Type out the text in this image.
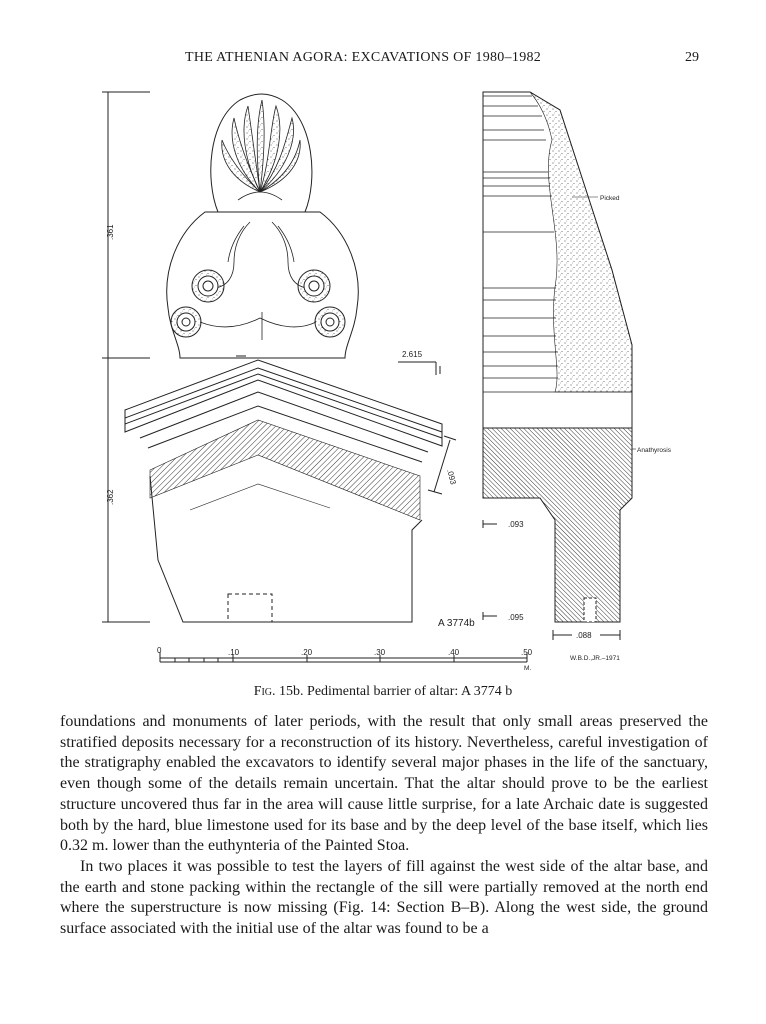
THE ATHENIAN AGORA: EXCAVATIONS OF 1980–1982	29
.361
.362
2.615
.093
A 3774b
Picked
Anathyrosis
.093
.095
.088
0	.10	.20	.30	.40	.50
M.
W.B.D.,JR.–1971
Fig. 15b. Pedimental barrier of altar: A 3774 b

foundations and monuments of later periods, with the result that only small areas preserved the stratified deposits necessary for a reconstruction of its history. Nevertheless, careful investigation of the stratigraphy enabled the excavators to identify several major phases in the life of the sanctuary, even though some of the details remain uncertain. That the altar should prove to be the earliest structure uncovered thus far in the area will cause little surprise, for a late Archaic date is suggested both by the hard, blue limestone used for its base and by the deep level of the base itself, which lies 0.32 m. lower than the euthynteria of the Painted Stoa.

In two places it was possible to test the layers of fill against the west side of the altar base, and the earth and stone packing within the rectangle of the sill were partially removed at the north end where the superstructure is now missing (Fig. 14: Section B–B). Along the west side, the ground surface associated with the initial use of the altar was found to be a
